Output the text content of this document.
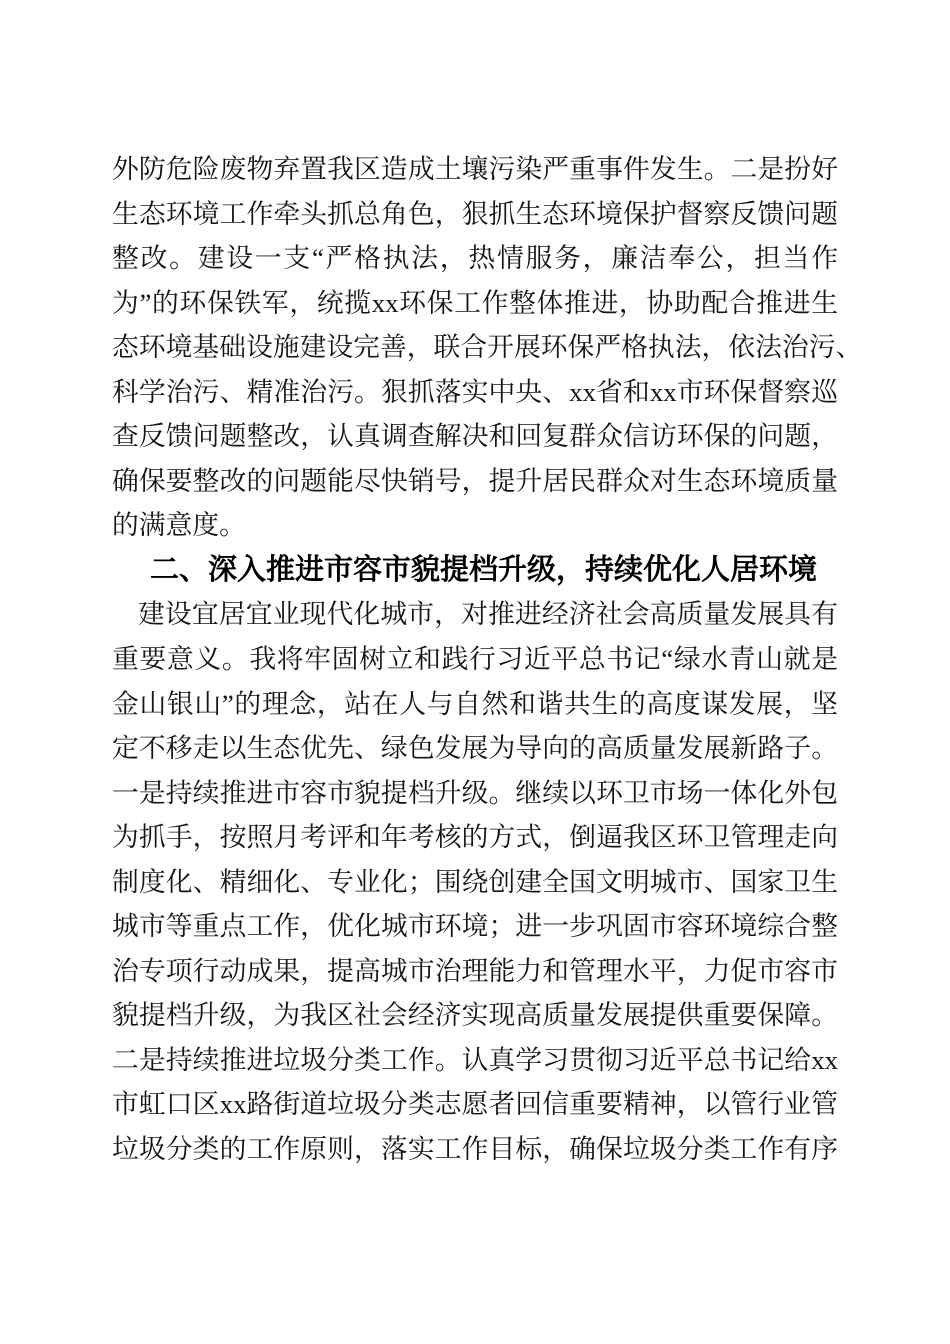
外防危险废物弃置我区造成土壤污染严重事件发生。二是扮好
生态环境工作牵头抓总角色，狠抓生态环境保护督察反馈问题
整改。建设一支“严格执法，热情服务，廉洁奉公，担当作
为”的环保铁军，统揽xx环保工作整体推进，协助配合推进生
态环境基础设施建设完善，联合开展环保严格执法，依法治污、
科学治污、精准治污。狠抓落实中央、xx省和xx市环保督察巡
查反馈问题整改，认真调查解决和回复群众信访环保的问题，
确保要整改的问题能尽快销号，提升居民群众对生态环境质量
的满意度。
二、深入推进市容市貌提档升级，持续优化人居环境
建设宜居宜业现代化城市，对推进经济社会高质量发展具有
重要意义。我将牢固树立和践行习近平总书记“绿水青山就是
金山银山”的理念，站在人与自然和谐共生的高度谋发展，坚
定不移走以生态优先、绿色发展为导向的高质量发展新路子。
一是持续推进市容市貌提档升级。继续以环卫市场一体化外包
为抓手，按照月考评和年考核的方式，倒逼我区环卫管理走向
制度化、精细化、专业化；围绕创建全国文明城市、国家卫生
城市等重点工作，优化城市环境；进一步巩固市容环境综合整
治专项行动成果，提高城市治理能力和管理水平，力促市容市
貌提档升级，为我区社会经济实现高质量发展提供重要保障。
二是持续推进垃圾分类工作。认真学习贯彻习近平总书记给xx
市虹口区xx路街道垃圾分类志愿者回信重要精神，以管行业管
垃圾分类的工作原则，落实工作目标，确保垃圾分类工作有序
